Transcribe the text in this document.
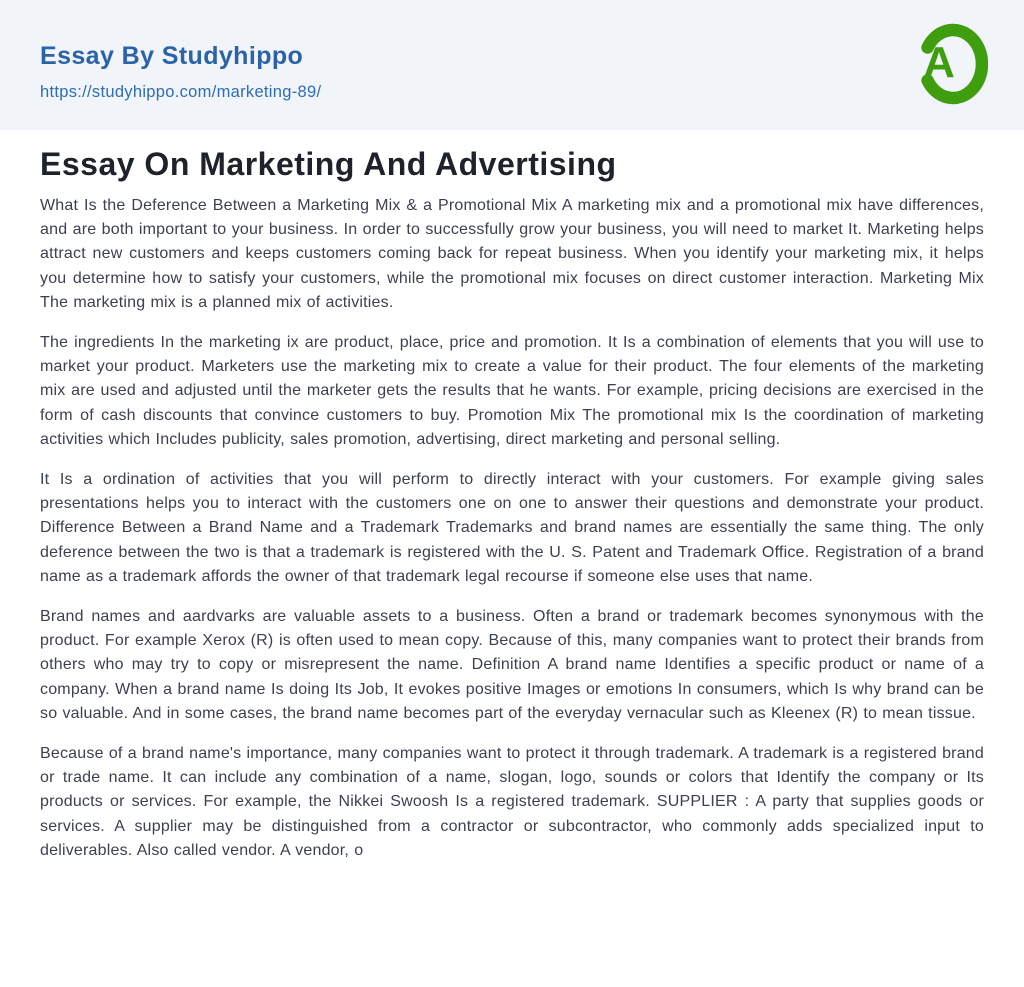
Essay By Studyhippo
https://studyhippo.com/marketing-89/
A
Essay On Marketing And Advertising

What Is the Deference Between a Marketing Mix & a Promotional Mix A marketing mix and a promotional mix have differences, and are both important to your business. In order to successfully grow your business, you will need to market It. Marketing helps attract new customers and keeps customers coming back for repeat business. When you identify your marketing mix, it helps you determine how to satisfy your customers, while the promotional mix focuses on direct customer interaction. Marketing Mix The marketing mix is a planned mix of activities.

The ingredients In the marketing ix are product, place, price and promotion. It Is a combination of elements that you will use to market your product. Marketers use the marketing mix to create a value for their product. The four elements of the marketing mix are used and adjusted until the marketer gets the results that he wants. For example, pricing decisions are exercised in the form of cash discounts that convince customers to buy. Promotion Mix The promotional mix Is the coordination of marketing activities which Includes publicity, sales promotion, advertising, direct marketing and personal selling.

It Is a ordination of activities that you will perform to directly interact with your customers. For example giving sales presentations helps you to interact with the customers one on one to answer their questions and demonstrate your product. Difference Between a Brand Name and a Trademark Trademarks and brand names are essentially the same thing. The only deference between the two is that a trademark is registered with the U. S. Patent and Trademark Office. Registration of a brand name as a trademark affords the owner of that trademark legal recourse if someone else uses that name.

Brand names and aardvarks are valuable assets to a business. Often a brand or trademark becomes synonymous with the product. For example Xerox (R) is often used to mean copy. Because of this, many companies want to protect their brands from others who may try to copy or misrepresent the name. Definition A brand name Identifies a specific product or name of a company. When a brand name Is doing Its Job, It evokes positive Images or emotions In consumers, which Is why brand can be so valuable. And in some cases, the brand name becomes part of the everyday vernacular such as Kleenex (R) to mean tissue.

Because of a brand name's importance, many companies want to protect it through trademark. A trademark is a registered brand or trade name. It can include any combination of a name, slogan, logo, sounds or colors that Identify the company or Its products or services. For example, the Nikkei Swoosh Is a registered trademark. SUPPLIER : A party that supplies goods or services. A supplier may be distinguished from a contractor or subcontractor, who commonly adds specialized input to deliverables. Also called vendor. A vendor, o
